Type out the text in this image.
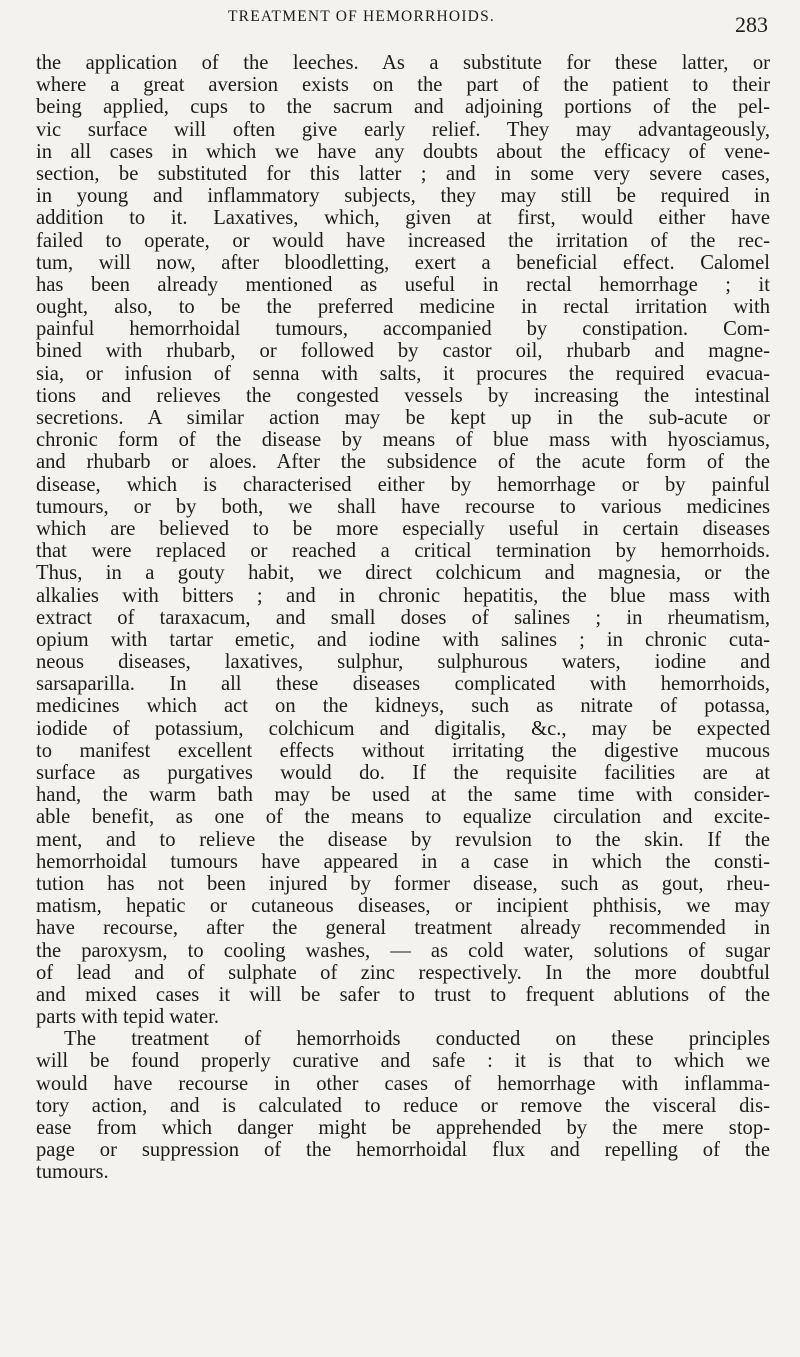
TREATMENT OF HEMORRHOIDS.	283
the application of the leeches. As a substitute for these latter, or
where a great aversion exists on the part of the patient to their
being applied, cups to the sacrum and adjoining portions of the pel-
vic surface will often give early relief. They may advantageously,
in all cases in which we have any doubts about the efficacy of vene-
section, be substituted for this latter ; and in some very severe cases,
in young and inflammatory subjects, they may still be required in
addition to it. Laxatives, which, given at first, would either have
failed to operate, or would have increased the irritation of the rec-
tum, will now, after bloodletting, exert a beneficial effect. Calomel
has been already mentioned as useful in rectal hemorrhage ; it
ought, also, to be the preferred medicine in rectal irritation with
painful hemorrhoidal tumours, accompanied by constipation. Com-
bined with rhubarb, or followed by castor oil, rhubarb and magne-
sia, or infusion of senna with salts, it procures the required evacua-
tions and relieves the congested vessels by increasing the intestinal
secretions. A similar action may be kept up in the sub-acute or
chronic form of the disease by means of blue mass with hyosciamus,
and rhubarb or aloes. After the subsidence of the acute form of the
disease, which is characterised either by hemorrhage or by painful
tumours, or by both, we shall have recourse to various medicines
which are believed to be more especially useful in certain diseases
that were replaced or reached a critical termination by hemorrhoids.
Thus, in a gouty habit, we direct colchicum and magnesia, or the
alkalies with bitters ; and in chronic hepatitis, the blue mass with
extract of taraxacum, and small doses of salines ; in rheumatism,
opium with tartar emetic, and iodine with salines ; in chronic cuta-
neous diseases, laxatives, sulphur, sulphurous waters, iodine and
sarsaparilla. In all these diseases complicated with hemorrhoids,
medicines which act on the kidneys, such as nitrate of potassa,
iodide of potassium, colchicum and digitalis, &c., may be expected
to manifest excellent effects without irritating the digestive mucous
surface as purgatives would do. If the requisite facilities are at
hand, the warm bath may be used at the same time with consider-
able benefit, as one of the means to equalize circulation and excite-
ment, and to relieve the disease by revulsion to the skin. If the
hemorrhoidal tumours have appeared in a case in which the consti-
tution has not been injured by former disease, such as gout, rheu-
matism, hepatic or cutaneous diseases, or incipient phthisis, we may
have recourse, after the general treatment already recommended in
the paroxysm, to cooling washes, — as cold water, solutions of sugar
of lead and of sulphate of zinc respectively. In the more doubtful
and mixed cases it will be safer to trust to frequent ablutions of the
parts with tepid water.
The treatment of hemorrhoids conducted on these principles
will be found properly curative and safe : it is that to which we
would have recourse in other cases of hemorrhage with inflamma-
tory action, and is calculated to reduce or remove the visceral dis-
ease from which danger might be apprehended by the mere stop-
page or suppression of the hemorrhoidal flux and repelling of the
tumours.
